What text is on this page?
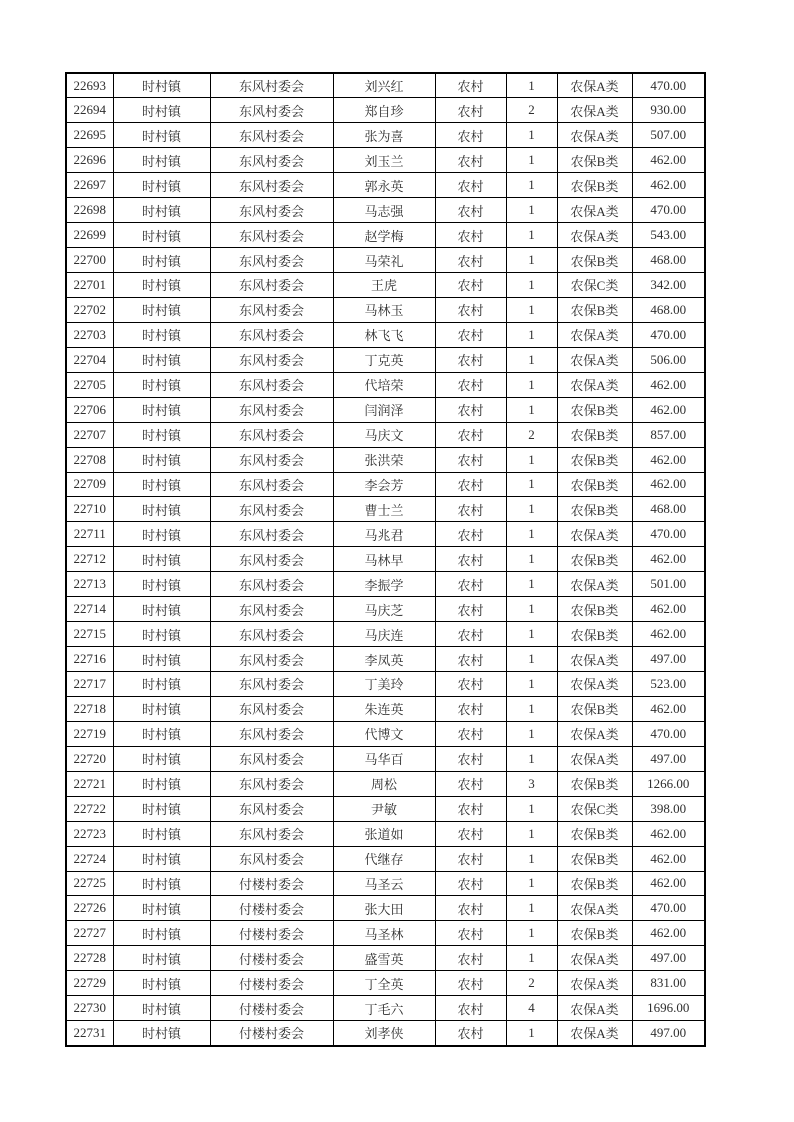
22693	时村镇	东风村委会	刘兴红	农村	1	农保A类	470.00
22694	时村镇	东风村委会	郑自珍	农村	2	农保A类	930.00
22695	时村镇	东风村委会	张为喜	农村	1	农保A类	507.00
22696	时村镇	东风村委会	刘玉兰	农村	1	农保B类	462.00
22697	时村镇	东风村委会	郭永英	农村	1	农保B类	462.00
22698	时村镇	东风村委会	马志强	农村	1	农保A类	470.00
22699	时村镇	东风村委会	赵学梅	农村	1	农保A类	543.00
22700	时村镇	东风村委会	马荣礼	农村	1	农保B类	468.00
22701	时村镇	东风村委会	王虎	农村	1	农保C类	342.00
22702	时村镇	东风村委会	马林玉	农村	1	农保B类	468.00
22703	时村镇	东风村委会	林飞飞	农村	1	农保A类	470.00
22704	时村镇	东风村委会	丁克英	农村	1	农保A类	506.00
22705	时村镇	东风村委会	代培荣	农村	1	农保A类	462.00
22706	时村镇	东风村委会	闫润泽	农村	1	农保B类	462.00
22707	时村镇	东风村委会	马庆文	农村	2	农保B类	857.00
22708	时村镇	东风村委会	张洪荣	农村	1	农保B类	462.00
22709	时村镇	东风村委会	李会芳	农村	1	农保B类	462.00
22710	时村镇	东风村委会	曹士兰	农村	1	农保B类	468.00
22711	时村镇	东风村委会	马兆君	农村	1	农保A类	470.00
22712	时村镇	东风村委会	马林早	农村	1	农保B类	462.00
22713	时村镇	东风村委会	李振学	农村	1	农保A类	501.00
22714	时村镇	东风村委会	马庆芝	农村	1	农保B类	462.00
22715	时村镇	东风村委会	马庆连	农村	1	农保B类	462.00
22716	时村镇	东风村委会	李凤英	农村	1	农保A类	497.00
22717	时村镇	东风村委会	丁美玲	农村	1	农保A类	523.00
22718	时村镇	东风村委会	朱连英	农村	1	农保B类	462.00
22719	时村镇	东风村委会	代博文	农村	1	农保A类	470.00
22720	时村镇	东风村委会	马华百	农村	1	农保A类	497.00
22721	时村镇	东风村委会	周松	农村	3	农保B类	1266.00
22722	时村镇	东风村委会	尹敏	农村	1	农保C类	398.00
22723	时村镇	东风村委会	张道如	农村	1	农保B类	462.00
22724	时村镇	东风村委会	代继存	农村	1	农保B类	462.00
22725	时村镇	付楼村委会	马圣云	农村	1	农保B类	462.00
22726	时村镇	付楼村委会	张大田	农村	1	农保A类	470.00
22727	时村镇	付楼村委会	马圣林	农村	1	农保B类	462.00
22728	时村镇	付楼村委会	盛雪英	农村	1	农保A类	497.00
22729	时村镇	付楼村委会	丁全英	农村	2	农保A类	831.00
22730	时村镇	付楼村委会	丁毛六	农村	4	农保A类	1696.00
22731	时村镇	付楼村委会	刘孝侠	农村	1	农保A类	497.00
